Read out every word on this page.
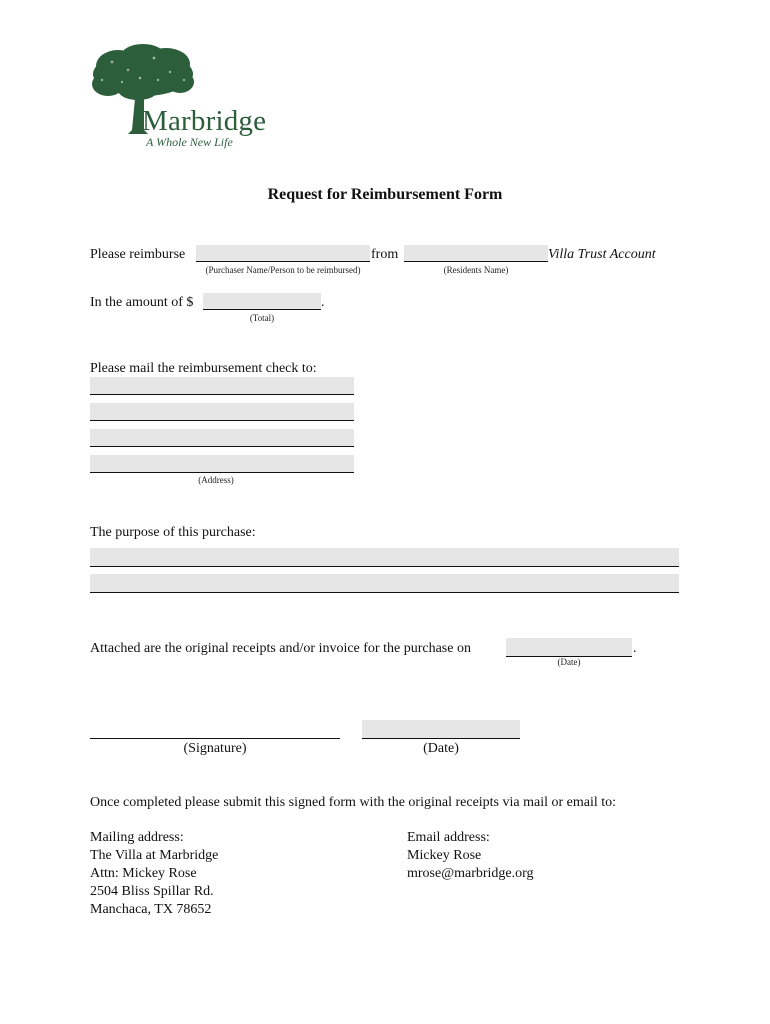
Marbridge
A Whole New Life
Request for Reimbursement Form
Please reimburse	from	Villa Trust Account
(Purchaser Name/Person to be reimbursed)	(Residents Name)
In the amount of $	.
(Total)
Please mail the reimbursement check to:
(Address)
The purpose of this purchase:
Attached are the original receipts and/or invoice for the purchase on	.
(Date)
(Signature)	(Date)
Once completed please submit this signed form with the original receipts via mail or email to:
Mailing address:
The Villa at Marbridge
Attn: Mickey Rose
2504 Bliss Spillar Rd.
Manchaca, TX 78652
Email address:
Mickey Rose
mrose@marbridge.org
